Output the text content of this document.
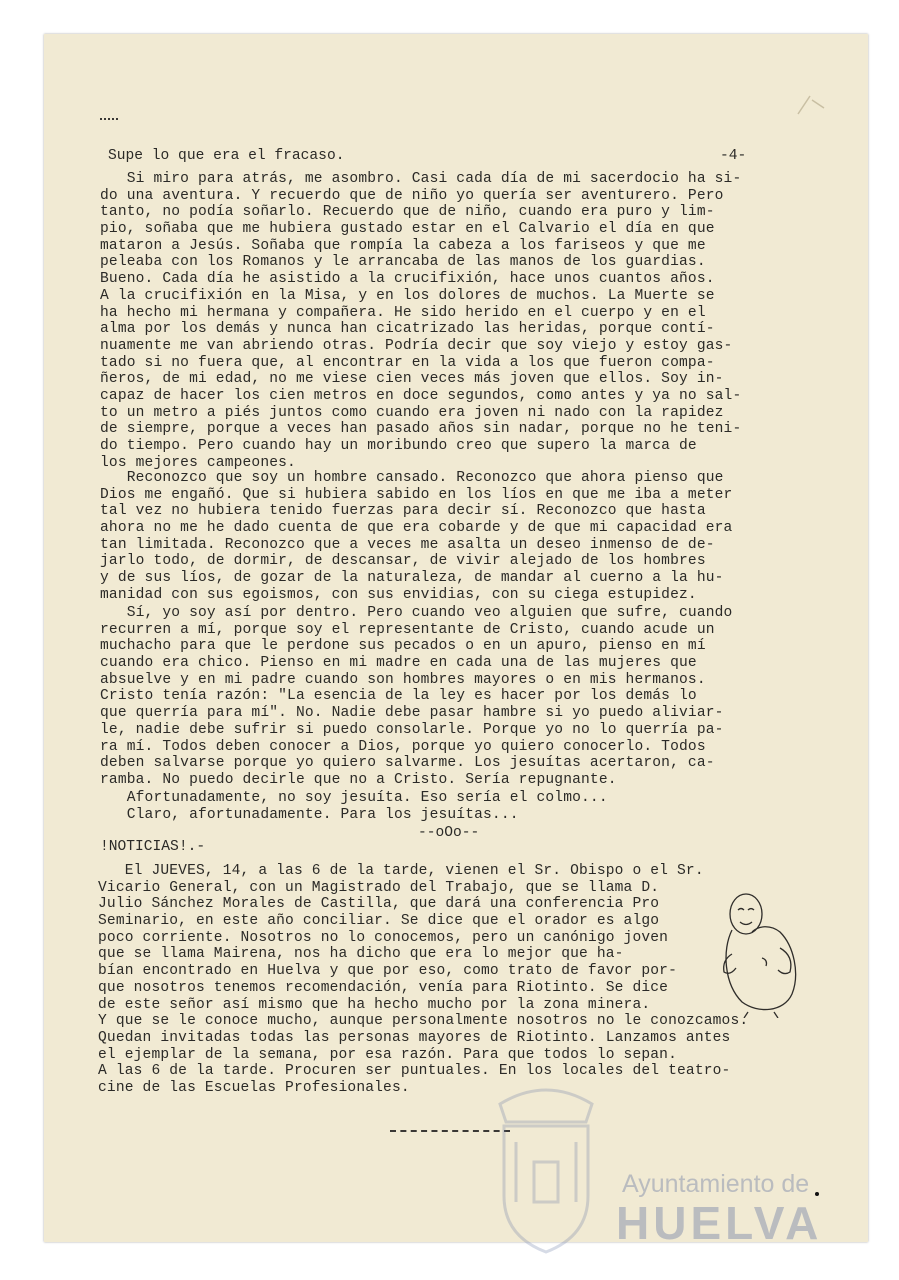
Supe lo que era el fracaso.	-4-
Si miro para atrás, me asombro. Casi cada día de mi sacerdocio ha si-
do una aventura. Y recuerdo que de niño yo quería ser aventurero. Pero
tanto, no podía soñarlo. Recuerdo que de niño, cuando era puro y lim-
pio, soñaba que me hubiera gustado estar en el Calvario el día en que
mataron a Jesús. Soñaba que rompía la cabeza a los fariseos y que me
peleaba con los Romanos y le arrancaba de las manos de los guardias.
Bueno. Cada día he asistido a la crucifixión, hace unos cuantos años.
A la crucifixión en la Misa, y en los dolores de muchos. La Muerte se
ha hecho mi hermana y compañera. He sido herido en el cuerpo y en el
alma por los demás y nunca han cicatrizado las heridas, porque contí-
nuamente me van abriendo otras. Podría decir que soy viejo y estoy gas-
tado si no fuera que, al encontrar en la vida a los que fueron compa-
ñeros, de mi edad, no me viese cien veces más joven que ellos. Soy in-
capaz de hacer los cien metros en doce segundos, como antes y ya no sal-
to un metro a piés juntos como cuando era joven ni nado con la rapidez
de siempre, porque a veces han pasado años sin nadar, porque no he teni-
do tiempo. Pero cuando hay un moribundo creo que supero la marca de
los mejores campeones.
Reconozco que soy un hombre cansado. Reconozco que ahora pienso que
Dios me engañó. Que si hubiera sabido en los líos en que me iba a meter
tal vez no hubiera tenido fuerzas para decir sí. Reconozco que hasta
ahora no me he dado cuenta de que era cobarde y de que mi capacidad era
tan limitada. Reconozco que a veces me asalta un deseo inmenso de de-
jarlo todo, de dormir, de descansar, de vivir alejado de los hombres
y de sus líos, de gozar de la naturaleza, de mandar al cuerno a la hu-
manidad con sus egoismos, con sus envidias, con su ciega estupidez.
Sí, yo soy así por dentro. Pero cuando veo alguien que sufre, cuando
recurren a mí, porque soy el representante de Cristo, cuando acude un
muchacho para que le perdone sus pecados o en un apuro, pienso en mí
cuando era chico. Pienso en mi madre en cada una de las mujeres que
absuelve y en mi padre cuando son hombres mayores o en mis hermanos.
Cristo tenía razón: "La esencia de la ley es hacer por los demás lo
que querría para mí". No. Nadie debe pasar hambre si yo puedo aliviar-
le, nadie debe sufrir si puedo consolarle. Porque yo no lo querría pa-
ra mí. Todos deben conocer a Dios, porque yo quiero conocerlo. Todos
deben salvarse porque yo quiero salvarme. Los jesuítas acertaron, ca-
ramba. No puedo decirle que no a Cristo. Sería repugnante.
Afortunadamente, no soy jesuíta. Eso sería el colmo...
Claro, afortunadamente. Para los jesuítas...
--oOo--
!NOTICIAS!.-
El JUEVES, 14, a las 6 de la tarde, vienen el Sr. Obispo o el Sr.
Vicario General, con un Magistrado del Trabajo, que se llama D.
Julio Sánchez Morales de Castilla, que dará una conferencia Pro
Seminario, en este año conciliar. Se dice que el orador es algo
poco corriente. Nosotros no lo conocemos, pero un canónigo joven
que se llama Mairena, nos ha dicho que era lo mejor que ha-
bían encontrado en Huelva y que por eso, como trato de favor por-
que nosotros tenemos recomendación, venía para Riotinto. Se dice
de este señor así mismo que ha hecho mucho por la zona minera.
Y que se le conoce mucho, aunque personalmente nosotros no le conozcamos.
Quedan invitadas todas las personas mayores de Riotinto. Lanzamos antes
el ejemplar de la semana, por esa razón. Para que todos lo sepan.
A las 6 de la tarde. Procuren ser puntuales. En los locales del teatro-
cine de las Escuelas Profesionales.
Ayuntamiento de
HUELVA
